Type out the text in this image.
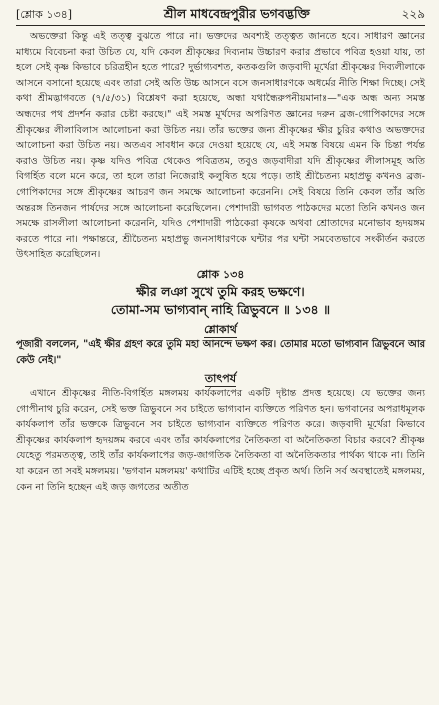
[শ্লোক ১৩৪]	শ্রীল মাধবেন্দ্রপুরীর ভগবদ্ভক্তি	২২৯

অভক্তেরা কিন্তু এই তত্ত্ব বুঝতে পারে না। ভক্তদের অবশ্যই তত্ত্বত জানতে হবে। সাধারণ জ্ঞানের মাধ্যমে বিবেচনা করা উচিত যে, যদি কেবল শ্রীকৃষ্ণের দিব্যনাম উচ্চারণ করার প্রভাবে পবিত্র হওয়া যায়, তা হলে সেই কৃষ্ণ কিভাবে চরিত্রহীন হতে পারে? দুর্ভাগ্যবশত, কতকগুলি জড়বাদী মূর্খেরা শ্রীকৃষ্ণের দিব্যলীলাকে আসনে বসানো হয়েছে এবং তারা সেই অতি উচ্চ আসনে বসে জনসাধারণকে অধর্মের নীতি শিক্ষা দিচ্ছে। সেই কথা শ্রীমদ্ভাগবতে (৭/৫/৩১) বিশ্লেষণ করা হয়েছে, অন্ধা যথান্ধৈরুপনীয়মানাঃ—"এক অন্ধ অন্য সমস্ত অন্ধদের পথ প্রদর্শন করার চেষ্টা করছে।" এই সমস্ত মূর্খদের অপরিণত জ্ঞানের দরুন ব্রজ-গোপিকাদের সঙ্গে শ্রীকৃষ্ণের লীলাবিলাস আলোচনা করা উচিত নয়। তাঁর ভক্তের জন্য শ্রীকৃষ্ণের ক্ষীর চুরির কথাও অভক্তদের আলোচনা করা উচিত নয়। অতএব সাবধান করে দেওয়া হয়েছে যে, এই সমস্ত বিষয়ে এমন কি চিন্তা পর্যন্ত করাও উচিত নয়। কৃষ্ণ যদিও পবিত্র থেকেও পবিত্রতম, তবুও জড়বাদীরা যদি শ্রীকৃষ্ণের লীলাসমূহ অতি বিগর্হিত বলে মনে করে, তা হলে তারা নিজেরাই কলুষিত হয়ে পড়ে। তাই শ্রীচৈতন্য মহাপ্রভু কখনও ব্রজ-গোপিকাদের সঙ্গে শ্রীকৃষ্ণের আচরণ জন সমক্ষে আলোচনা করেননি। সেই বিষয়ে তিনি কেবল তাঁর অতি অন্তরঙ্গ তিনজন পার্ষদের সঙ্গে আলোচনা করেছিলেন। পেশাদারী ভাগবত পাঠকদের মতো তিনি কখনও জন সমক্ষে রাসলীলা আলোচনা করেননি, যদিও পেশাদারী পাঠকেরা কৃষকে অথবা শ্রোতাদের মনোভাব হৃদয়ঙ্গম করতে পারে না। পক্ষান্তরে, শ্রীচৈতন্য মহাপ্রভু জনসাধারণকে ঘন্টার পর ঘন্টা সমবেতভাবে সংকীর্তন করতে উৎসাহিত করেছিলেন।

শ্লোক ১৩৪
ক্ষীর লঞা সুখে তুমি করহ ভক্ষণে।
তোমা-সম ভাগ্যবান্ নাহি ত্রিভুবনে ॥ ১৩৪ ॥
শ্লোকার্থ
পূজারী বললেন, "এই ক্ষীর গ্রহণ করে তুমি মহা আনন্দে ভক্ষণ কর। তোমার মতো ভাগ্যবান ত্রিভুবনে আর কেউ নেই।"
তাৎপর্য

এখানে শ্রীকৃষ্ণের নীতি-বিগর্হিত মঙ্গলময় কার্যকলাপের একটি দৃষ্টান্ত প্রদত্ত হয়েছে। যে ভক্তের জন্য গোপীনাথ চুরি করেন, সেই ভক্ত ত্রিভুবনে সব চাইতে ভাগ্যবান ব্যক্তিতে পরিণত হন। ভগবানের অপরাধমূলক কার্যকলাপ তাঁর ভক্তকে ত্রিভুবনে সব চাইতে ভাগ্যবান ব্যক্তিতে পরিণত করে। জড়বাদী মূর্খেরা কিভাবে শ্রীকৃষ্ণের কার্যকলাপ হৃদয়ঙ্গম করবে এবং তাঁর কার্যকলাপের নৈতিকতা বা অনৈতিকতা বিচার করবে? শ্রীকৃষ্ণ যেহেতু পরমতত্ত্ব, তাই তাঁর কার্যকলাপের জড়-জাগতিক নৈতিকতা বা অনৈতিকতার পার্থক্য থাকে না। তিনি যা করেন তা সবই মঙ্গলময়। 'ভগবান মঙ্গলময়' কথাটির এটিই হচ্ছে প্রকৃত অর্থ। তিনি সর্ব অবস্থাতেই মঙ্গলময়, কেন না তিনি হচ্ছেন এই জড় জগতের অতীত
